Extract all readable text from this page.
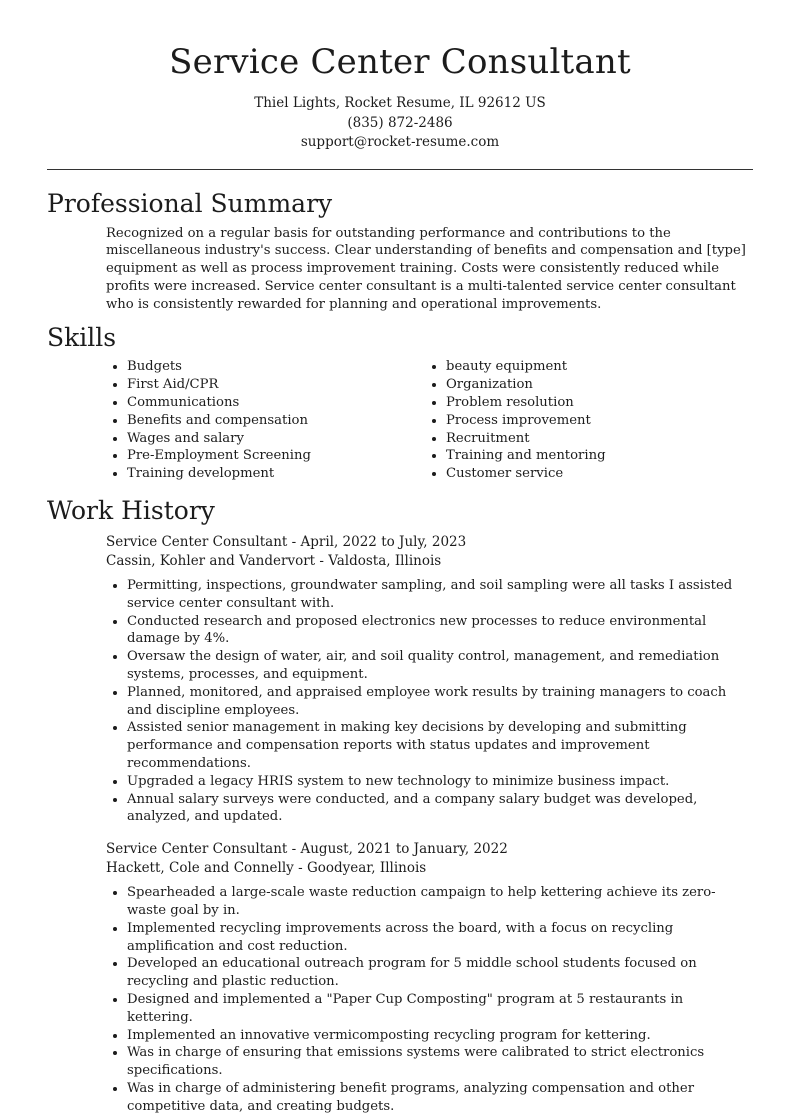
Service Center Consultant
Thiel Lights, Rocket Resume, IL 92612 US
(835) 872-2486
support@rocket-resume.com
Professional Summary

Recognized on a regular basis for outstanding performance and contributions to the miscellaneous industry's success. Clear understanding of benefits and compensation and [type] equipment as well as process improvement training. Costs were consistently reduced while profits were increased. Service center consultant is a multi-talented service center consultant who is consistently rewarded for planning and operational improvements.

Skills
• Budgets
• First Aid/CPR
• Communications
• Benefits and compensation
• Wages and salary
• Pre-Employment Screening
• Training development
• beauty equipment
• Organization
• Problem resolution
• Process improvement
• Recruitment
• Training and mentoring
• Customer service
Work History
Service Center Consultant - April, 2022 to July, 2023
Cassin, Kohler and Vandervort - Valdosta, Illinois
• Permitting, inspections, groundwater sampling, and soil sampling were all tasks I assisted service center consultant with.
• Conducted research and proposed electronics new processes to reduce environmental damage by 4%.
• Oversaw the design of water, air, and soil quality control, management, and remediation systems, processes, and equipment.
• Planned, monitored, and appraised employee work results by training managers to coach and discipline employees.
• Assisted senior management in making key decisions by developing and submitting performance and compensation reports with status updates and improvement recommendations.
• Upgraded a legacy HRIS system to new technology to minimize business impact.
• Annual salary surveys were conducted, and a company salary budget was developed, analyzed, and updated.
Service Center Consultant - August, 2021 to January, 2022
Hackett, Cole and Connelly - Goodyear, Illinois
• Spearheaded a large-scale waste reduction campaign to help kettering achieve its zero-waste goal by in.
• Implemented recycling improvements across the board, with a focus on recycling amplification and cost reduction.
• Developed an educational outreach program for 5 middle school students focused on recycling and plastic reduction.
• Designed and implemented a "Paper Cup Composting" program at 5 restaurants in kettering.
• Implemented an innovative vermicomposting recycling program for kettering.
• Was in charge of ensuring that emissions systems were calibrated to strict electronics specifications.
• Was in charge of administering benefit programs, analyzing compensation and other competitive data, and creating budgets.
